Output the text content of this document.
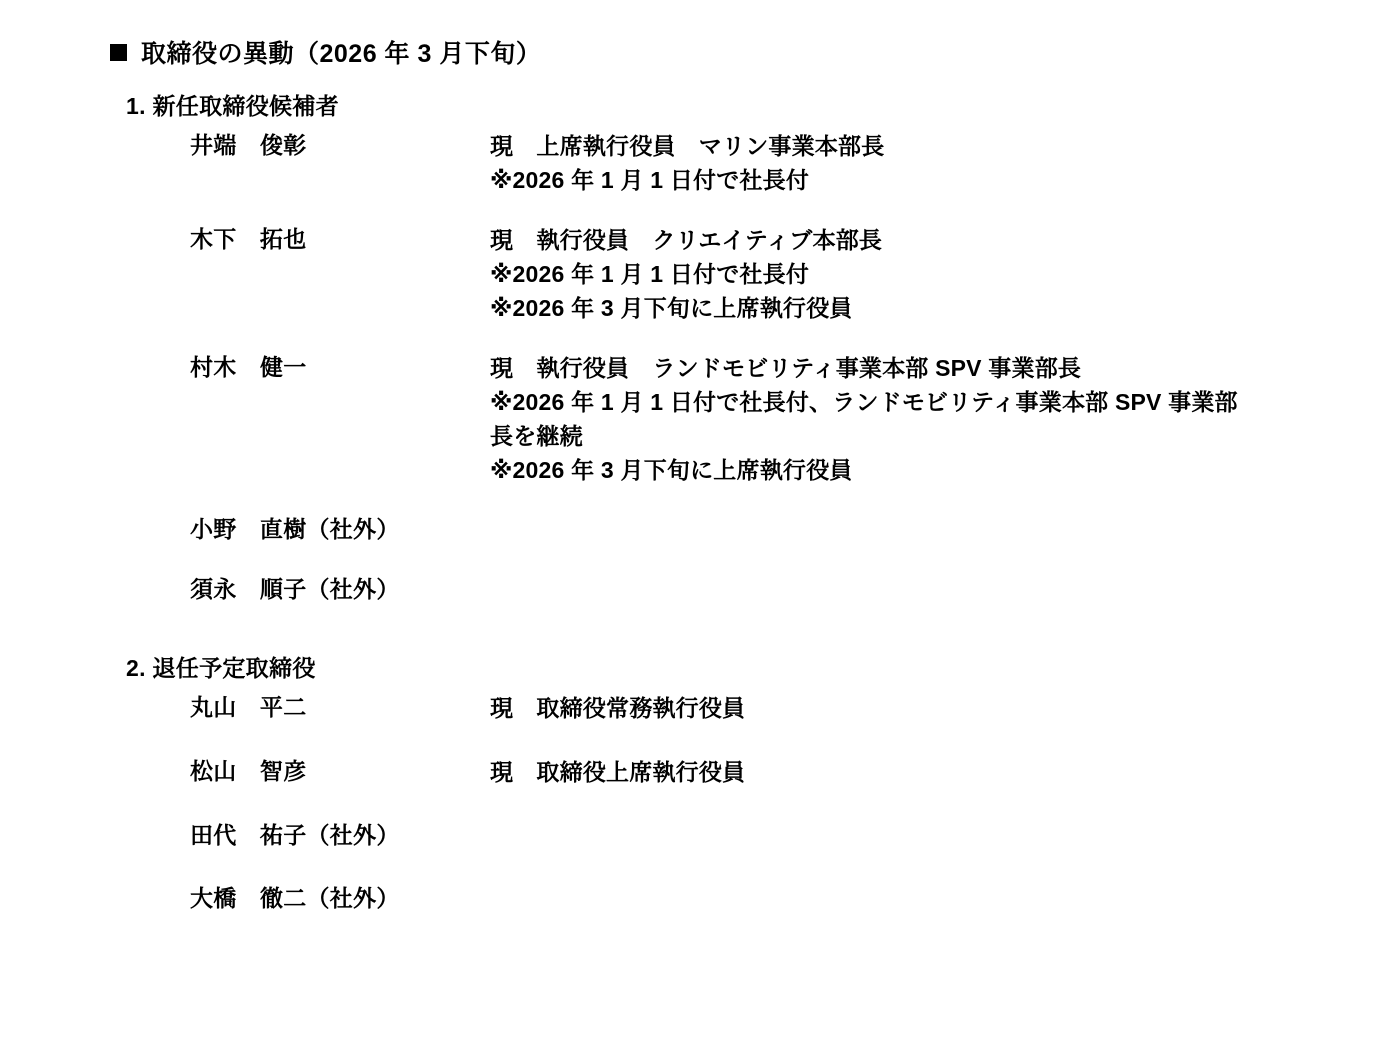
取締役の異動（2026 年 3 月下旬）
1. 新任取締役候補者
井端　俊彰	現　上席執行役員　マリン事業本部長
※2026 年 1 月 1 日付で社長付
木下　拓也	現　執行役員　クリエイティブ本部長
※2026 年 1 月 1 日付で社長付
※2026 年 3 月下旬に上席執行役員
村木　健一	現　執行役員　ランドモビリティ事業本部 SPV 事業部長
※2026 年 1 月 1 日付で社長付、ランドモビリティ事業本部 SPV 事業部長を継続
※2026 年 3 月下旬に上席執行役員
小野　直樹（社外）
須永　順子（社外）
2. 退任予定取締役
丸山　平二	現　取締役常務執行役員
松山　智彦	現　取締役上席執行役員
田代　祐子（社外）
大橋　徹二（社外）
